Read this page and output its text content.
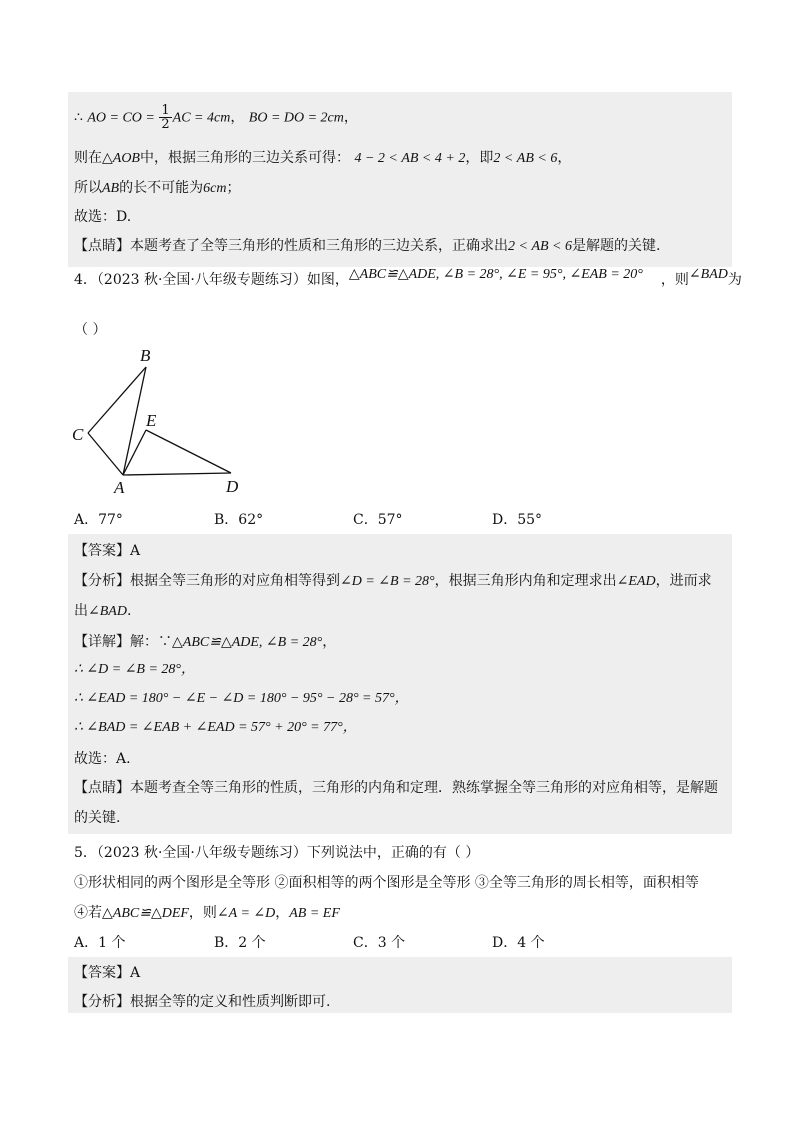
∴ AO = CO = $\frac{1}{2}$ AC = 4cm， BO = DO = 2cm，
则在△AOB中，根据三角形的三边关系可得： 4 − 2 < AB < 4 + 2，即2 < AB < 6，
所以AB的长不可能为6cm；
故选：D.
【点睛】本题考查了全等三角形的性质和三角形的三边关系，正确求出2 < AB < 6是解题的关键.
4．（2023 秋·全国·八年级专题练习）如图，△ABC≌△ADE, ∠B = 28°, ∠E = 95°, ∠EAB = 20° ，则∠BAD为
（ ）
B
C
E
A	D
A．77°	B．62°	C．57°	D．55°
【答案】A
【分析】根据全等三角形的对应角相等得到∠D = ∠B = 28°，根据三角形内角和定理求出∠EAD，进而求
出∠BAD.
【详解】解：∵△ABC≌△ADE, ∠B = 28°，
∴ ∠D = ∠B = 28°，
∴ ∠EAD = 180° − ∠E − ∠D = 180° − 95° − 28° = 57°，
∴ ∠BAD = ∠EAB + ∠EAD = 57° + 20° = 77°，
故选：A.
【点睛】本题考查全等三角形的性质，三角形的内角和定理．熟练掌握全等三角形的对应角相等，是解题
的关键.
5．（2023 秋·全国·八年级专题练习）下列说法中，正确的有（ ）
①形状相同的两个图形是全等形 ②面积相等的两个图形是全等形 ③全等三角形的周长相等，面积相等
④若△ABC≌△DEF，则∠A = ∠D，AB = EF
A．1 个	B．2 个	C．3 个	D．4 个
【答案】A
【分析】根据全等的定义和性质判断即可.
